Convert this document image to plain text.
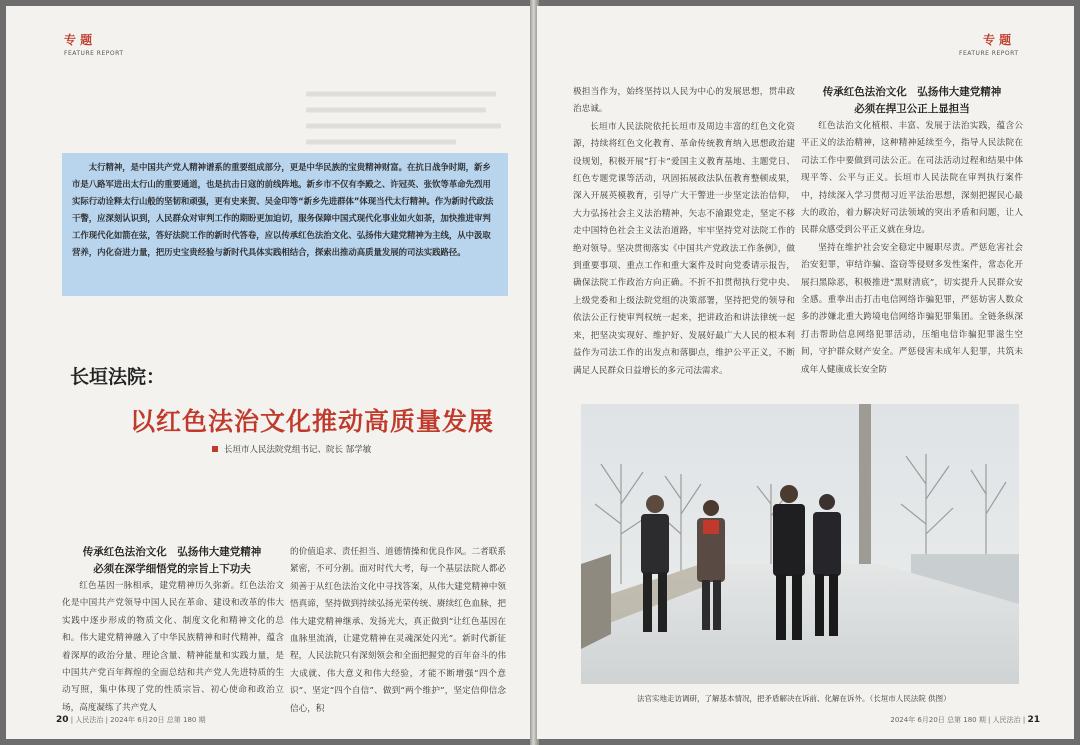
专 题
FEATURE REPORT

太行精神，是中国共产党人精神谱系的重要组成部分，更是中华民族的宝贵精神财富。在抗日战争时期，新乡市是八路军进出太行山的重要通道，也是抗击日寇的前线阵地。新乡市不仅有李殿之、许冠英、张钦等革命先烈用实际行动诠释太行山般的坚韧和顽强，更有史来贺、吴金印等“新乡先进群体”体现当代太行精神。作为新时代政法干警，应深刻认识到，人民群众对审判工作的期盼更加迫切，服务保障中国式现代化事业如火如荼，加快推进审判工作现代化如箭在弦，答好法院工作的新时代答卷，应以传承红色法治文化、弘扬伟大建党精神为主线，从中汲取营养，内化奋进力量，把历史宝贵经验与新时代具体实践相结合，探索出推动高质量发展的司法实践路径。

长垣法院：
以红色法治文化推动高质量发展
长垣市人民法院党组书记、院长 郜学敏
传承红色法治文化　弘扬伟大建党精神
必须在深学细悟党的宗旨上下功夫

红色基因一脉相承，建党精神历久弥新。红色法治文化是中国共产党领导中国人民在革命、建设和改革的伟大实践中逐步形成的物质文化、制度文化和精神文化的总和。伟大建党精神融入了中华民族精神和时代精神，蕴含着深厚的政治分量、理论含量、精神能量和实践力量，是中国共产党百年辉煌的全面总结和共产党人先进特质的生动写照，集中体现了党的性质宗旨、初心使命和政治立场，高度凝练了共产党人

的价值追求、责任担当、道德情操和优良作风。二者联系紧密，不可分割。面对时代大考，每一个基层法院人都必须善于从红色法治文化中寻找答案，从伟大建党精神中领悟真谛，坚持做到持续弘扬光荣传统、赓续红色血脉，把伟大建党精神继承、发扬光大，真正做到“让红色基因在血脉里流淌，让建党精神在灵魂深处闪光”。新时代新征程，人民法院只有深刻领会和全面把握党的百年奋斗的伟大成就、伟大意义和伟大经验，才能不断增强“四个意识”、坚定“四个自信”、做到“两个维护”，坚定信仰信念信心，积

20 | 人民法治 | 2024年 6月20日 总第 180 期
专 题
FEATURE REPORT

极担当作为，始终坚持以人民为中心的发展思想，贯串政治忠诚。

长垣市人民法院依托长垣市及周边丰富的红色文化资源，持续将红色文化教育、革命传统教育纳入思想政治建设规划，积极开展“打卡”爱国主义教育基地、主题党日、红色专题党课等活动，巩固拓展政法队伍教育整顿成果，深入开展英模教育，引导广大干警进一步坚定法治信仰，大力弘扬社会主义法治精神，矢志不渝跟党走，坚定不移走中国特色社会主义法治道路，牢牢坚持党对法院工作的绝对领导。坚决贯彻落实《中国共产党政法工作条例》，做到重要事项、重点工作和重大案件及时向党委请示报告，确保法院工作政治方向正确。不折不扣贯彻执行党中央、上级党委和上级法院党组的决策部署，坚持把党的领导和依法公正行使审判权统一起来，把讲政治和讲法律统一起来，把坚决实现好、维护好、发展好最广大人民的根本利益作为司法工作的出发点和落脚点，维护公平正义，不断满足人民群众日益增长的多元司法需求。

传承红色法治文化　弘扬伟大建党精神
必须在捍卫公正上显担当

红色法治文化植根、丰富、发展于法治实践，蕴含公平正义的法治精神，这种精神延续至今，指导人民法院在司法工作中要做到司法公正。在司法活动过程和结果中体现平等、公平与正义。长垣市人民法院在审判执行案件中，持续深入学习贯彻习近平法治思想，深刻把握民心最大的政治，着力解决好司法领域的突出矛盾和问题，让人民群众感受到公平正义就在身边。

坚持在维护社会安全稳定中履职尽责。严惩危害社会治安犯罪，审结诈骗、盗窃等侵财多发性案件，常态化开展扫黑除恶，积极推进“黑财清底”，切实提升人民群众安全感。重拳出击打击电信网络诈骗犯罪，严惩妨害人数众多的涉嫌北重大跨境电信网络诈骗犯罪集团。全链条纵深打击帮助信息网络犯罪活动，压缩电信诈骗犯罪滋生空间，守护群众财产安全。严惩侵害未成年人犯罪，共筑未成年人健康成长安全防

法官实地走访调研，了解基本情况，把矛盾解决在诉前、化解在诉外。（长垣市人民法院 供图）
2024年 6月20日 总第 180 期 | 人民法治 | 21
